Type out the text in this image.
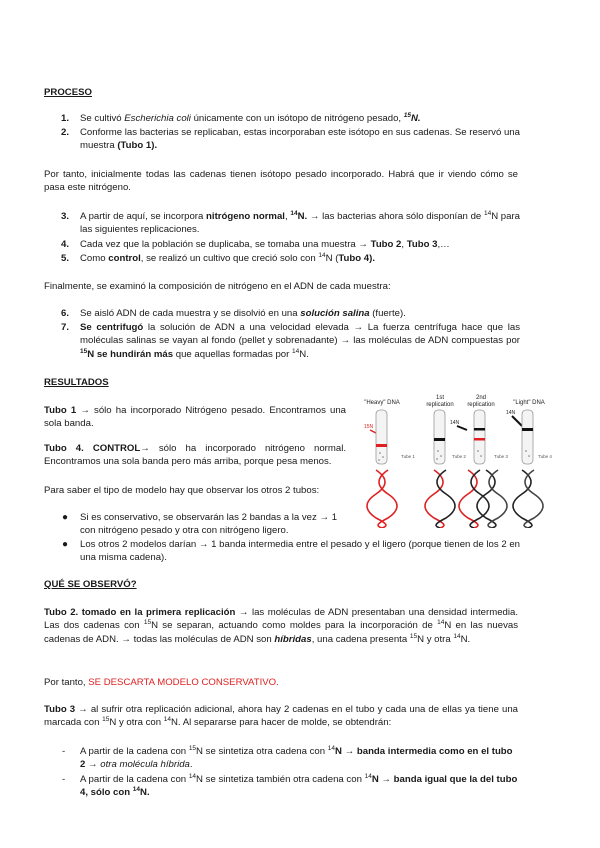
PROCESO
1. Se cultivó Escherichia coli únicamente con un isótopo de nitrógeno pesado, $^{15}$N.
2. Conforme las bacterias se replicaban, estas incorporaban este isótopo en sus cadenas. Se reservó una muestra (Tubo 1).
Por tanto, inicialmente todas las cadenas tienen isótopo pesado incorporado. Habrá que ir viendo cómo se pasa este nitrógeno.
3. A partir de aquí, se incorpora nitrógeno normal, $^{14}$N. → las bacterias ahora sólo disponían de $^{14}$N para las siguientes replicaciones.
4. Cada vez que la población se duplicaba, se tomaba una muestra → Tubo 2, Tubo 3,…
5. Como control, se realizó un cultivo que creció solo con $^{14}$N (Tubo 4).
Finalmente, se examinó la composición de nitrógeno en el ADN de cada muestra:
6. Se aisló ADN de cada muestra y se disolvió en una solución salina (fuerte).
7. Se centrifugó la solución de ADN a una velocidad elevada → La fuerza centrífuga hace que las moléculas salinas se vayan al fondo (pellet y sobrenadante) → las moléculas de ADN compuestas por $^{15}$N se hundirán más que aquellas formadas por $^{14}$N.
RESULTADOS
Tubo 1 → sólo ha incorporado Nitrógeno pesado. Encontramos una sola banda.
Tubo 4. CONTROL→ sólo ha incorporado nitrógeno normal. Encontramos una sola banda pero más arriba, porque pesa menos.
Para saber el tipo de modelo hay que observar los otros 2 tubos:
● Si es conservativo, se observarán las 2 bandas a la vez → 1 con nitrógeno pesado y otra con nitrógeno ligero.
● Los otros 2 modelos darían → 1 banda intermedia entre el pesado y el ligero (porque tienen de los 2 en una misma cadena).
"Heavy" DNA
1st
replication
2nd
replication	"Light" DNA
15N
14N
14N
Tube 1	Tube 2	Tube 3	Tube 4
QUÉ SE OBSERVÓ?
Tubo 2. tomado en la primera replicación → las moléculas de ADN presentaban una densidad intermedia. Las dos cadenas con $^{15}$N se separan, actuando como moldes para la incorporación de $^{14}$N en las nuevas cadenas de ADN. → todas las moléculas de ADN son híbridas, una cadena presenta $^{15}$N y otra $^{14}$N.
Por tanto, SE DESCARTA MODELO CONSERVATIVO.
Tubo 3 → al sufrir otra replicación adicional, ahora hay 2 cadenas en el tubo y cada una de ellas ya tiene una marcada con $^{15}$N y otra con $^{14}$N. Al separarse para hacer de molde, se obtendrán:
- A partir de la cadena con $^{15}$N se sintetiza otra cadena con $^{14}$N → banda intermedia como en el tubo 2 → otra molécula híbrida.
- A partir de la cadena con $^{14}$N se sintetiza también otra cadena con $^{14}$N → banda igual que la del tubo 4, sólo con $^{14}$N.
